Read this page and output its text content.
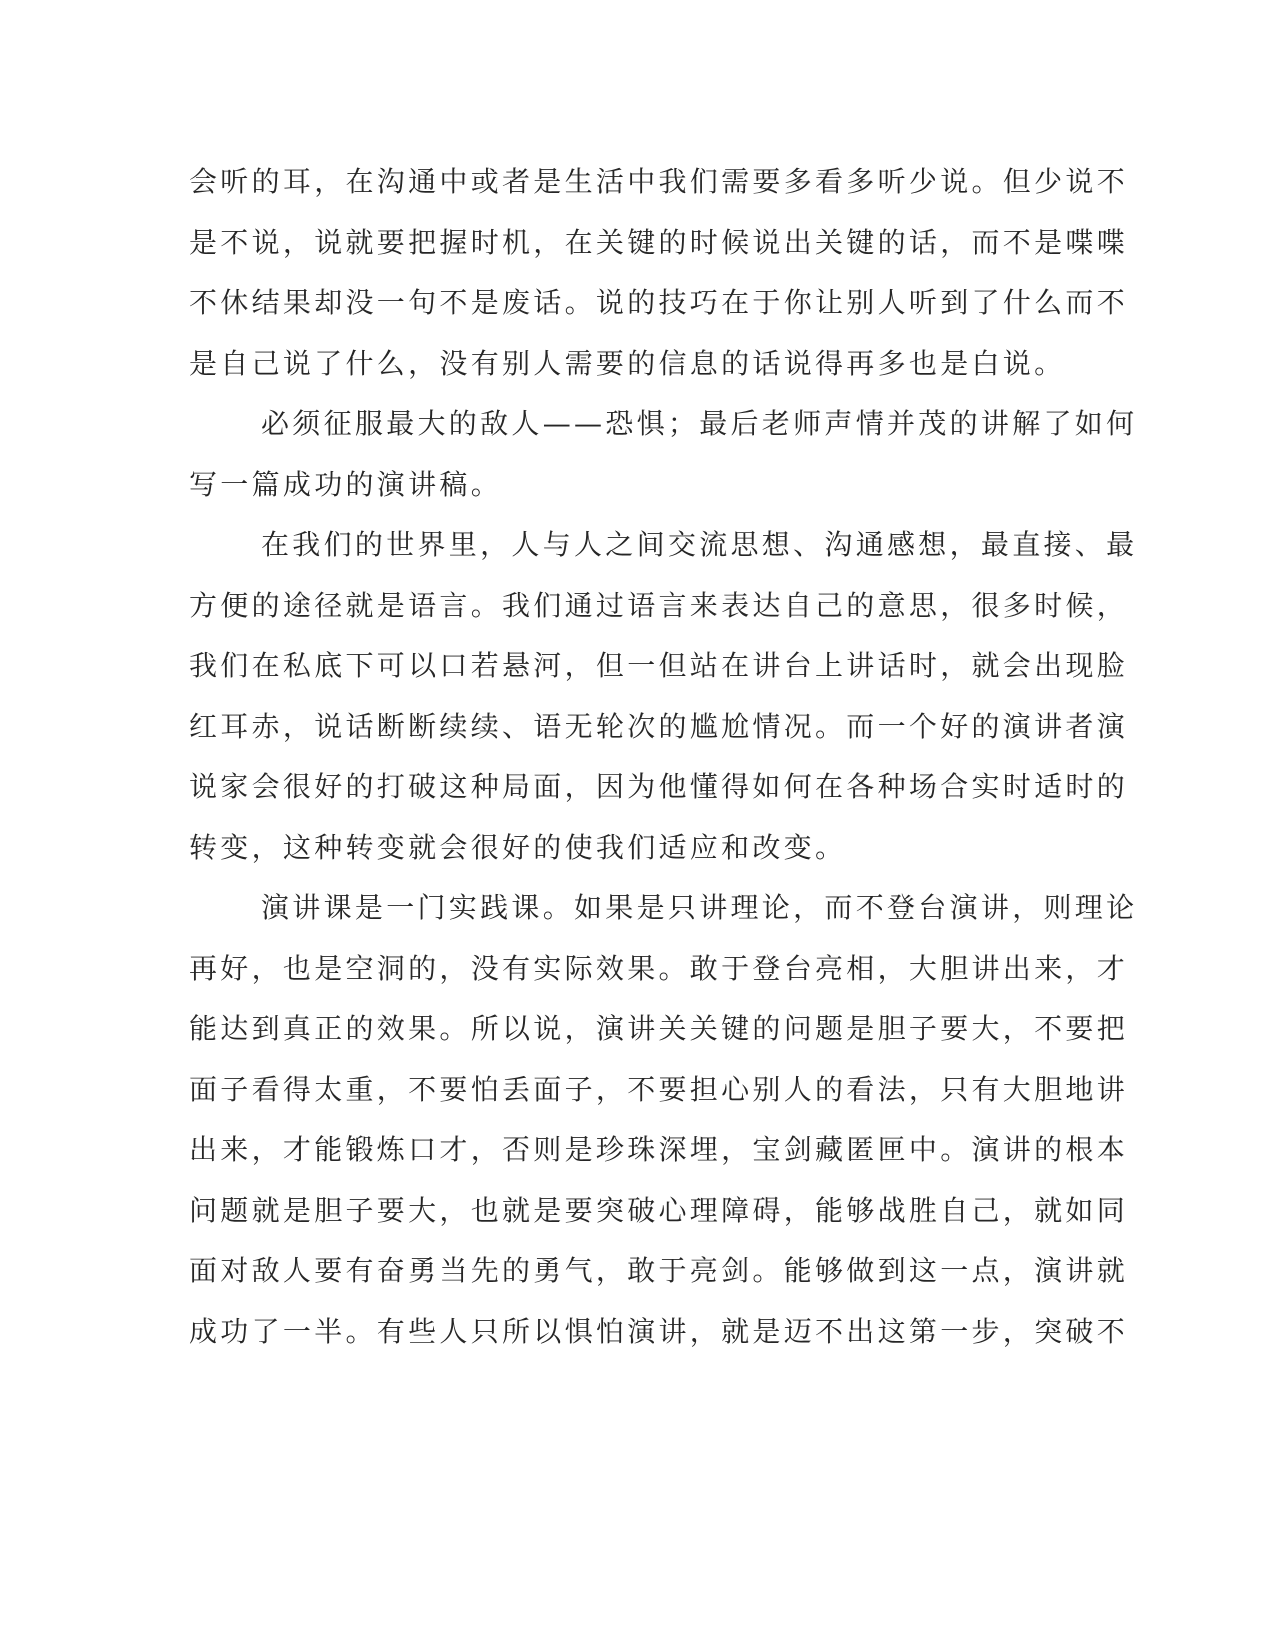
会听的耳，在沟通中或者是生活中我们需要多看多听少说。但少说不
是不说，说就要把握时机，在关键的时候说出关键的话，而不是喋喋
不休结果却没一句不是废话。说的技巧在于你让别人听到了什么而不
是自己说了什么，没有别人需要的信息的话说得再多也是白说。
必须征服最大的敌人——恐惧；最后老师声情并茂的讲解了如何
写一篇成功的演讲稿。
在我们的世界里，人与人之间交流思想、沟通感想，最直接、最
方便的途径就是语言。我们通过语言来表达自己的意思，很多时候，
我们在私底下可以口若悬河，但一但站在讲台上讲话时，就会出现脸
红耳赤，说话断断续续、语无轮次的尴尬情况。而一个好的演讲者演
说家会很好的打破这种局面，因为他懂得如何在各种场合实时适时的
转变，这种转变就会很好的使我们适应和改变。
演讲课是一门实践课。如果是只讲理论，而不登台演讲，则理论
再好，也是空洞的，没有实际效果。敢于登台亮相，大胆讲出来，才
能达到真正的效果。所以说，演讲关关键的问题是胆子要大，不要把
面子看得太重，不要怕丢面子，不要担心别人的看法，只有大胆地讲
出来，才能锻炼口才，否则是珍珠深埋，宝剑藏匿匣中。演讲的根本
问题就是胆子要大，也就是要突破心理障碍，能够战胜自己，就如同
面对敌人要有奋勇当先的勇气，敢于亮剑。能够做到这一点，演讲就
成功了一半。有些人只所以惧怕演讲，就是迈不出这第一步，突破不
